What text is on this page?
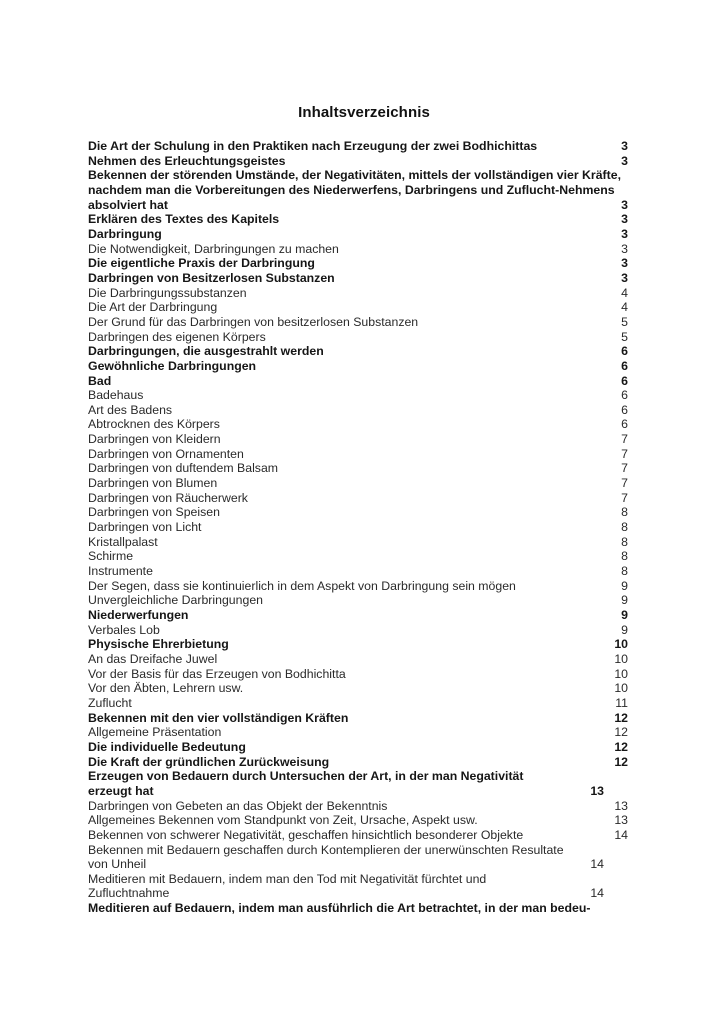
Inhaltsverzeichnis
Die Art der Schulung in den Praktiken nach Erzeugung der zwei Bodhichittas	3
Nehmen des Erleuchtungsgeistes	3
Bekennen der störenden Umstände, der Negativitäten, mittels der vollständigen vier Kräfte, nachdem man die Vorbereitungen des Niederwerfens, Darbringens und Zuflucht-Nehmens absolviert hat	3
Erklären des Textes des Kapitels	3
Darbringung	3
Die Notwendigkeit, Darbringungen zu machen	3
Die eigentliche Praxis der Darbringung	3
Darbringen von Besitzerlosen Substanzen	3
Die Darbringungssubstanzen	4
Die Art der Darbringung	4
Der Grund für das Darbringen von besitzerlosen Substanzen	5
Darbringen des eigenen Körpers	5
Darbringungen, die ausgestrahlt werden	6
Gewöhnliche Darbringungen	6
Bad	6
Badehaus	6
Art des Badens	6
Abtrocknen des Körpers	6
Darbringen von Kleidern	7
Darbringen von Ornamenten	7
Darbringen von duftendem Balsam	7
Darbringen von Blumen	7
Darbringen von Räucherwerk	7
Darbringen von Speisen	8
Darbringen von Licht	8
Kristallpalast	8
Schirme	8
Instrumente	8
Der Segen, dass sie kontinuierlich in dem Aspekt von Darbringung sein mögen	9
Unvergleichliche Darbringungen	9
Niederwerfungen	9
Verbales Lob	9
Physische Ehrerbietung	10
An das Dreifache Juwel	10
Vor der Basis für das Erzeugen von Bodhichitta	10
Vor den Äbten, Lehrern usw.	10
Zuflucht	11
Bekennen mit den vier vollständigen Kräften	12
Allgemeine Präsentation	12
Die individuelle Bedeutung	12
Die Kraft der gründlichen Zurückweisung	12
Erzeugen von Bedauern durch Untersuchen der Art, in der man Negativität erzeugt hat	13
Darbringen von Gebeten an das Objekt der Bekenntnis	13
Allgemeines Bekennen vom Standpunkt von Zeit, Ursache, Aspekt usw.	13
Bekennen von schwerer Negativität, geschaffen hinsichtlich besonderer Objekte	14
Bekennen mit Bedauern geschaffen durch Kontemplieren der unerwünschten Resultate von Unheil	14
Meditieren mit Bedauern, indem man den Tod mit Negativität fürchtet und Zufluchtnahme	14
Meditieren auf Bedauern, indem man ausführlich die Art betrachtet, in der man bedeu-
